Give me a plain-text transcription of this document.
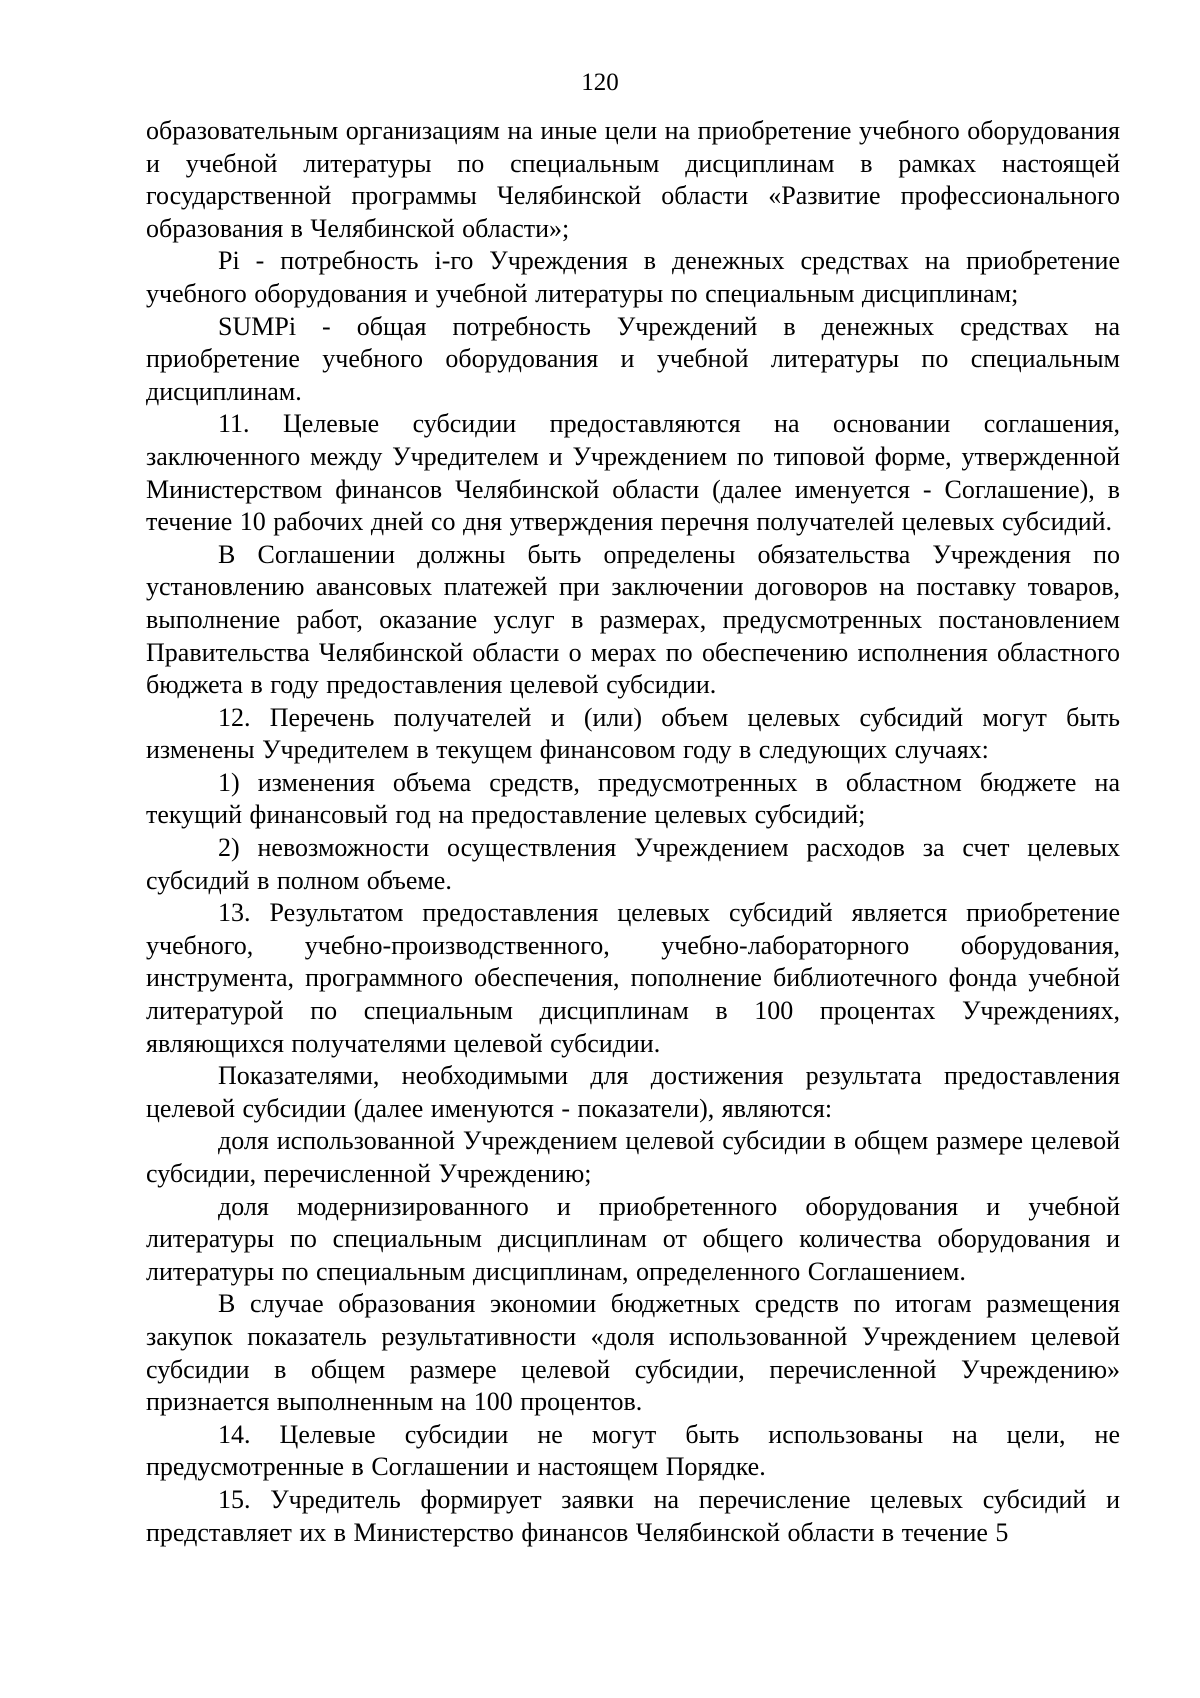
120

образовательным организациям на иные цели на приобретение учебного оборудования и учебной литературы по специальным дисциплинам в рамках настоящей государственной программы Челябинской области «Развитие профессионального образования в Челябинской области»;

Pi - потребность i-го Учреждения в денежных средствах на приобретение учебного оборудования и учебной литературы по специальным дисциплинам;

SUMPi - общая потребность Учреждений в денежных средствах на приобретение учебного оборудования и учебной литературы по специальным дисциплинам.

11. Целевые субсидии предоставляются на основании соглашения, заключенного между Учредителем и Учреждением по типовой форме, утвержденной Министерством финансов Челябинской области (далее именуется - Соглашение), в течение 10 рабочих дней со дня утверждения перечня получателей целевых субсидий.

В Соглашении должны быть определены обязательства Учреждения по установлению авансовых платежей при заключении договоров на поставку товаров, выполнение работ, оказание услуг в размерах, предусмотренных постановлением Правительства Челябинской области о мерах по обеспечению исполнения областного бюджета в году предоставления целевой субсидии.

12. Перечень получателей и (или) объем целевых субсидий могут быть изменены Учредителем в текущем финансовом году в следующих случаях:

1) изменения объема средств, предусмотренных в областном бюджете на текущий финансовый год на предоставление целевых субсидий;

2) невозможности осуществления Учреждением расходов за счет целевых субсидий в полном объеме.

13. Результатом предоставления целевых субсидий является приобретение учебного, учебно-производственного, учебно-лабораторного оборудования, инструмента, программного обеспечения, пополнение библиотечного фонда учебной литературой по специальным дисциплинам в 100 процентах Учреждениях, являющихся получателями целевой субсидии.

Показателями, необходимыми для достижения результата предоставления целевой субсидии (далее именуются - показатели), являются:

доля использованной Учреждением целевой субсидии в общем размере целевой субсидии, перечисленной Учреждению;

доля модернизированного и приобретенного оборудования и учебной литературы по специальным дисциплинам от общего количества оборудования и литературы по специальным дисциплинам, определенного Соглашением.

В случае образования экономии бюджетных средств по итогам размещения закупок показатель результативности «доля использованной Учреждением целевой субсидии в общем размере целевой субсидии, перечисленной Учреждению» признается выполненным на 100 процентов.

14. Целевые субсидии не могут быть использованы на цели, не предусмотренные в Соглашении и настоящем Порядке.

15. Учредитель формирует заявки на перечисление целевых субсидий и представляет их в Министерство финансов Челябинской области в течение 5
